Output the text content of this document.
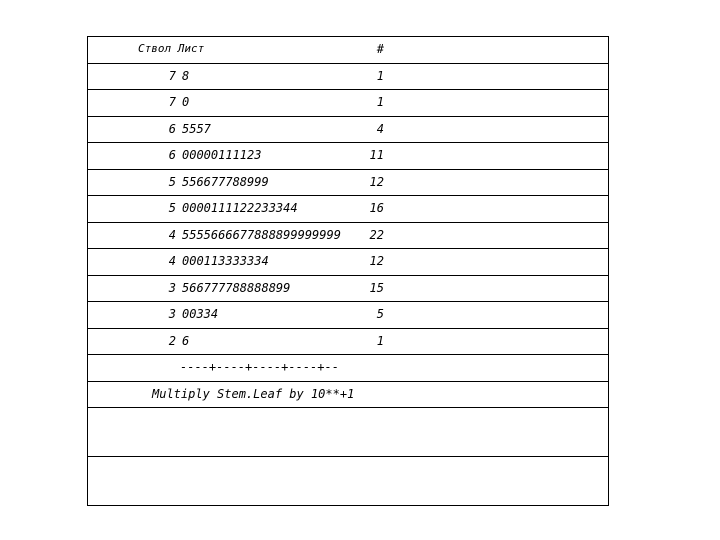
Ствол Лист	#
7 8	1
7 0	1
6 5557	4
6 00000111123	11
5 556677788999	12
5 0000111122233344	16
4 5555666677888899999999	22
4 000113333334	12
3 566777788888899	15
3 00334	5
2 6	1
----+----+----+----+--
Multiply Stem.Leaf by 10**+1
